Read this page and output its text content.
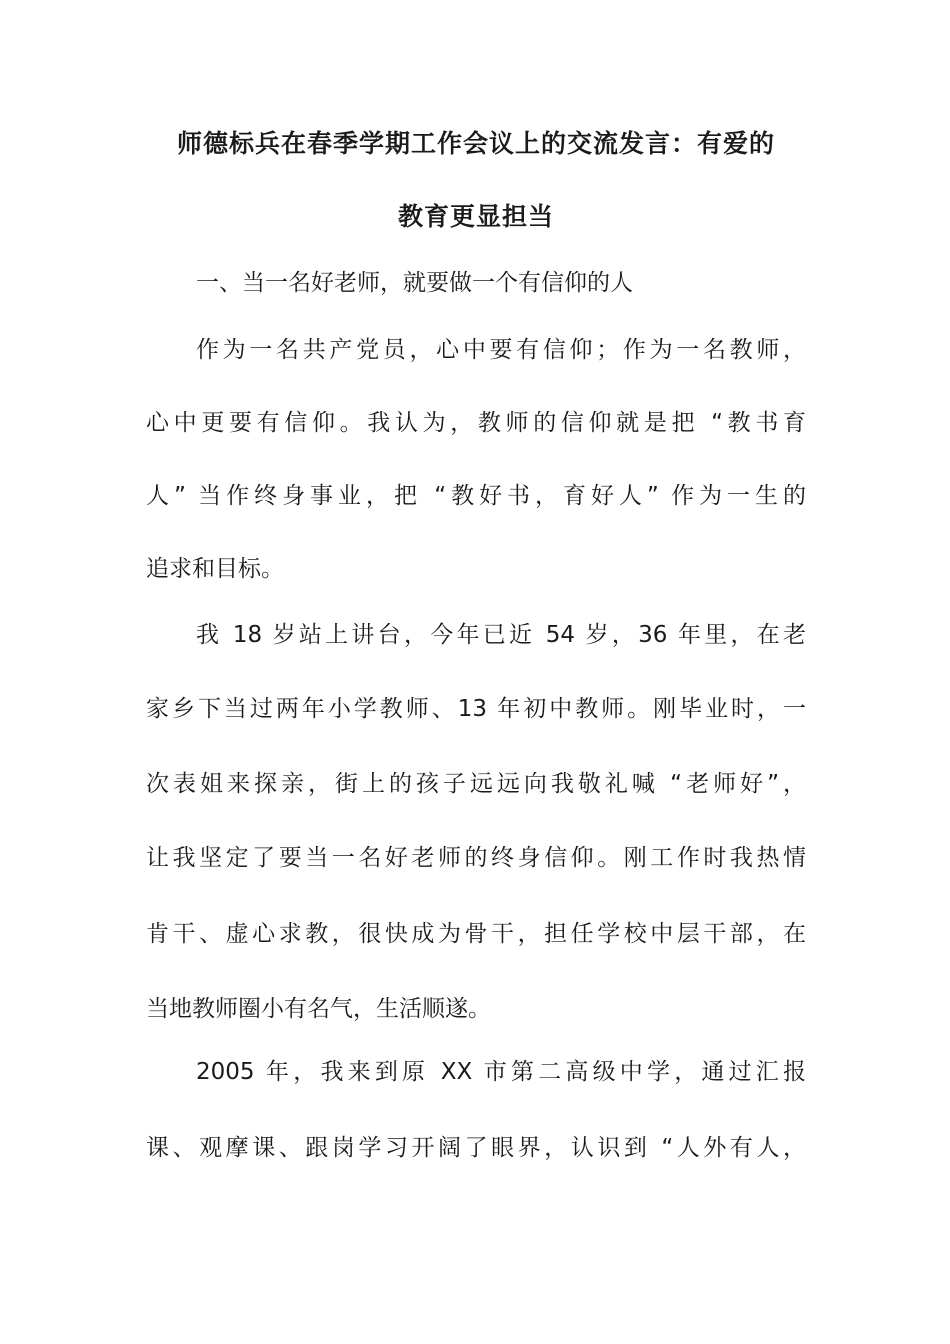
师德标兵在春季学期工作会议上的交流发言：有爱的
教育更显担当

一、当一名好老师，就要做一个有信仰的人

作为一名共产党员，心中要有信仰；作为一名教师，

心中更要有信仰。我认为，教师的信仰就是把 “教书育

人” 当作终身事业，把 “教好书，育好人” 作为一生的

追求和目标。

我 18 岁站上讲台，今年已近 54 岁，36 年里，在老

家乡下当过两年小学教师、13 年初中教师。刚毕业时，一

次表姐来探亲，街上的孩子远远向我敬礼喊 “老师好”，

让我坚定了要当一名好老师的终身信仰。刚工作时我热情

肯干、虚心求教，很快成为骨干，担任学校中层干部，在

当地教师圈小有名气，生活顺遂。

2005 年，我来到原 XX 市第二高级中学，通过汇报

课、观摩课、跟岗学习开阔了眼界，认识到 “人外有人，
